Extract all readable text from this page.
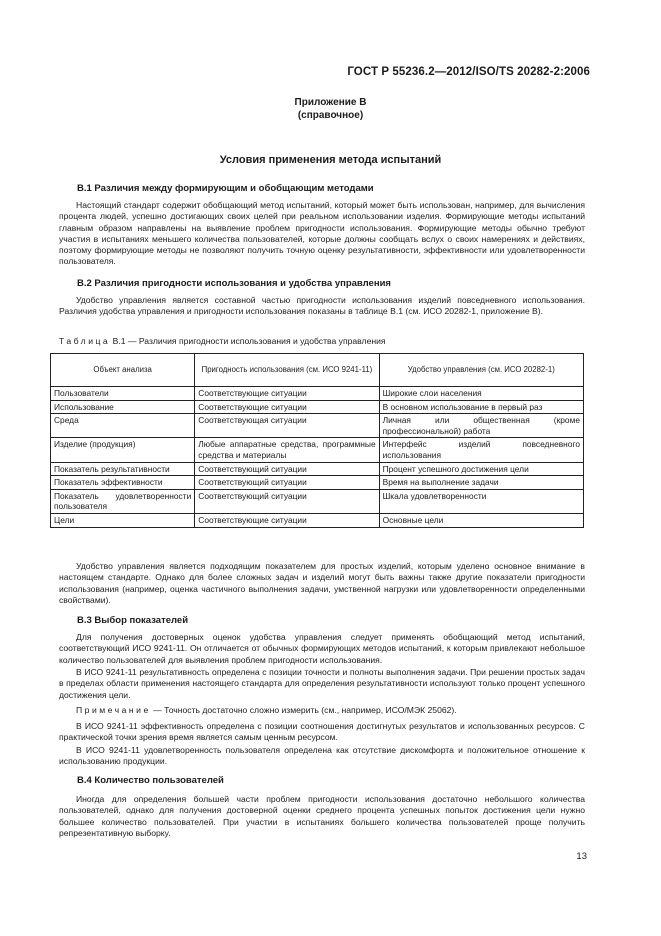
ГОСТ Р 55236.2—2012/ISO/TS 20282-2:2006
Приложение В
(справочное)
Условия применения метода испытаний
В.1 Различия между формирующим и обобщающим методами
Настоящий стандарт содержит обобщающий метод испытаний, который может быть использован, например, для вычисления процента людей, успешно достигающих своих целей при реальном использовании изделия. Формирующие методы испытаний главным образом направлены на выявление проблем пригодности использования. Формирующие методы обычно требуют участия в испытаниях меньшего количества пользователей, которые должны сообщать вслух о своих намерениях и действиях, поэтому формирующие методы не позволяют получить точную оценку результативности, эффективности или удовлетворенности пользователя.
В.2 Различия пригодности использования и удобства управления
Удобство управления является составной частью пригодности использования изделий повседневного использования. Различия удобства управления и пригодности использования показаны в таблице В.1 (см. ИСО 20282-1, приложение В).
Таблица В.1 — Различия пригодности использования и удобства управления
Объект анализа	Пригодность использования (см. ИСО 9241-11)	Удобство управления (см. ИСО 20282-1)
Пользователи	Соответствующие ситуации	Широкие слои населения
Использование	Соответствующие ситуации	В основном использование в первый раз
Среда	Соответствующая ситуации	Личная или общественная (кроме профессиональной) работа
Изделие (продукция)	Любые аппаратные средства, программные средства и материалы	Интерфейс изделий повседневного использования
Показатель результативности	Соответствующий ситуации	Процент успешного достижения цели
Показатель эффективности	Соответствующий ситуации	Время на выполнение задачи
Показатель удовлетворенности пользователя	Соответствующий ситуации	Шкала удовлетворенности
Цели	Соответствующие ситуации	Основные цели
Удобство управления является подходящим показателем для простых изделий, которым уделено основное внимание в настоящем стандарте. Однако для более сложных задач и изделий могут быть важны также другие показатели пригодности использования (например, оценка частичного выполнения задачи, умственной нагрузки или удовлетворенности определенными свойствами).
В.3 Выбор показателей
Для получения достоверных оценок удобства управления следует применять обобщающий метод испытаний, соответствующий ИСО 9241-11. Он отличается от обычных формирующих методов испытаний, к которым привлекают небольшое количество пользователей для выявления проблем пригодности использования.
В ИСО 9241-11 результативность определена с позиции точности и полноты выполнения задачи. При решении простых задач в пределах области применения настоящего стандарта для определения результативности используют только процент успешного достижения цели.
Примечание — Точность достаточно сложно измерить (см., например, ИСО/МЭК 25062).
В ИСО 9241-11 эффективность определена с позиции соотношения достигнутых результатов и использованных ресурсов. С практической точки зрения время является самым ценным ресурсом.
В ИСО 9241-11 удовлетворенность пользователя определена как отсутствие дискомфорта и положительное отношение к использованию продукции.
В.4 Количество пользователей
Иногда для определения большей части проблем пригодности использования достаточно небольшого количества пользователей, однако для получения достоверной оценки среднего процента успешных попыток достижения цели нужно большее количество пользователей. При участии в испытаниях большего количества пользователей проще получить репрезентативную выборку.
13
